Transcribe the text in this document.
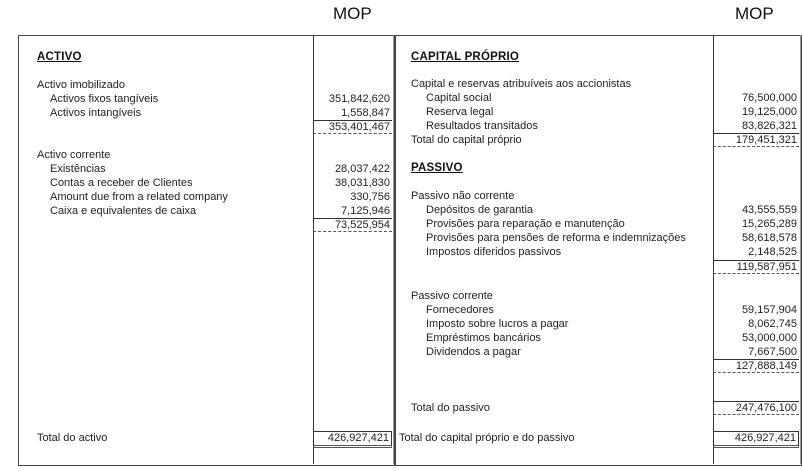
MOP	MOP
ACTIVO
Activo imobilizado
Activos fixos tangíveis	351,842,620
Activos intangíveis	1,558,847
353,401,467
Activo corrente
Existências	28,037,422
Contas a receber de Clientes	38,031,830
Amount due from a related company	330,756
Caixa e equivalentes de caixa	7,125,946
73,525,954
Total do activo	426,927,421
CAPITAL PRÓPRIO
Capital e reservas atribuíveis aos accionistas
Capital social	76,500,000
Reserva legal	19,125,000
Resultados transitados	83,826,321
Total do capital próprio	179,451,321
PASSIVO
Passivo não corrente
Depósitos de garantia	43,555,559
Provisões para reparação e manutenção	15,265,289
Provisões para pensões de reforma e indemnizações	58,618,578
Impostos diferidos passivos	2,148,525
119,587,951
Passivo corrente
Fornecedores	59,157,904
Imposto sobre lucros a pagar	8,062,745
Empréstimos bancários	53,000,000
Dividendos a pagar	7,667,500
127,888,149
Total do passivo	247,476,100
Total do capital próprio e do passivo	426,927,421
